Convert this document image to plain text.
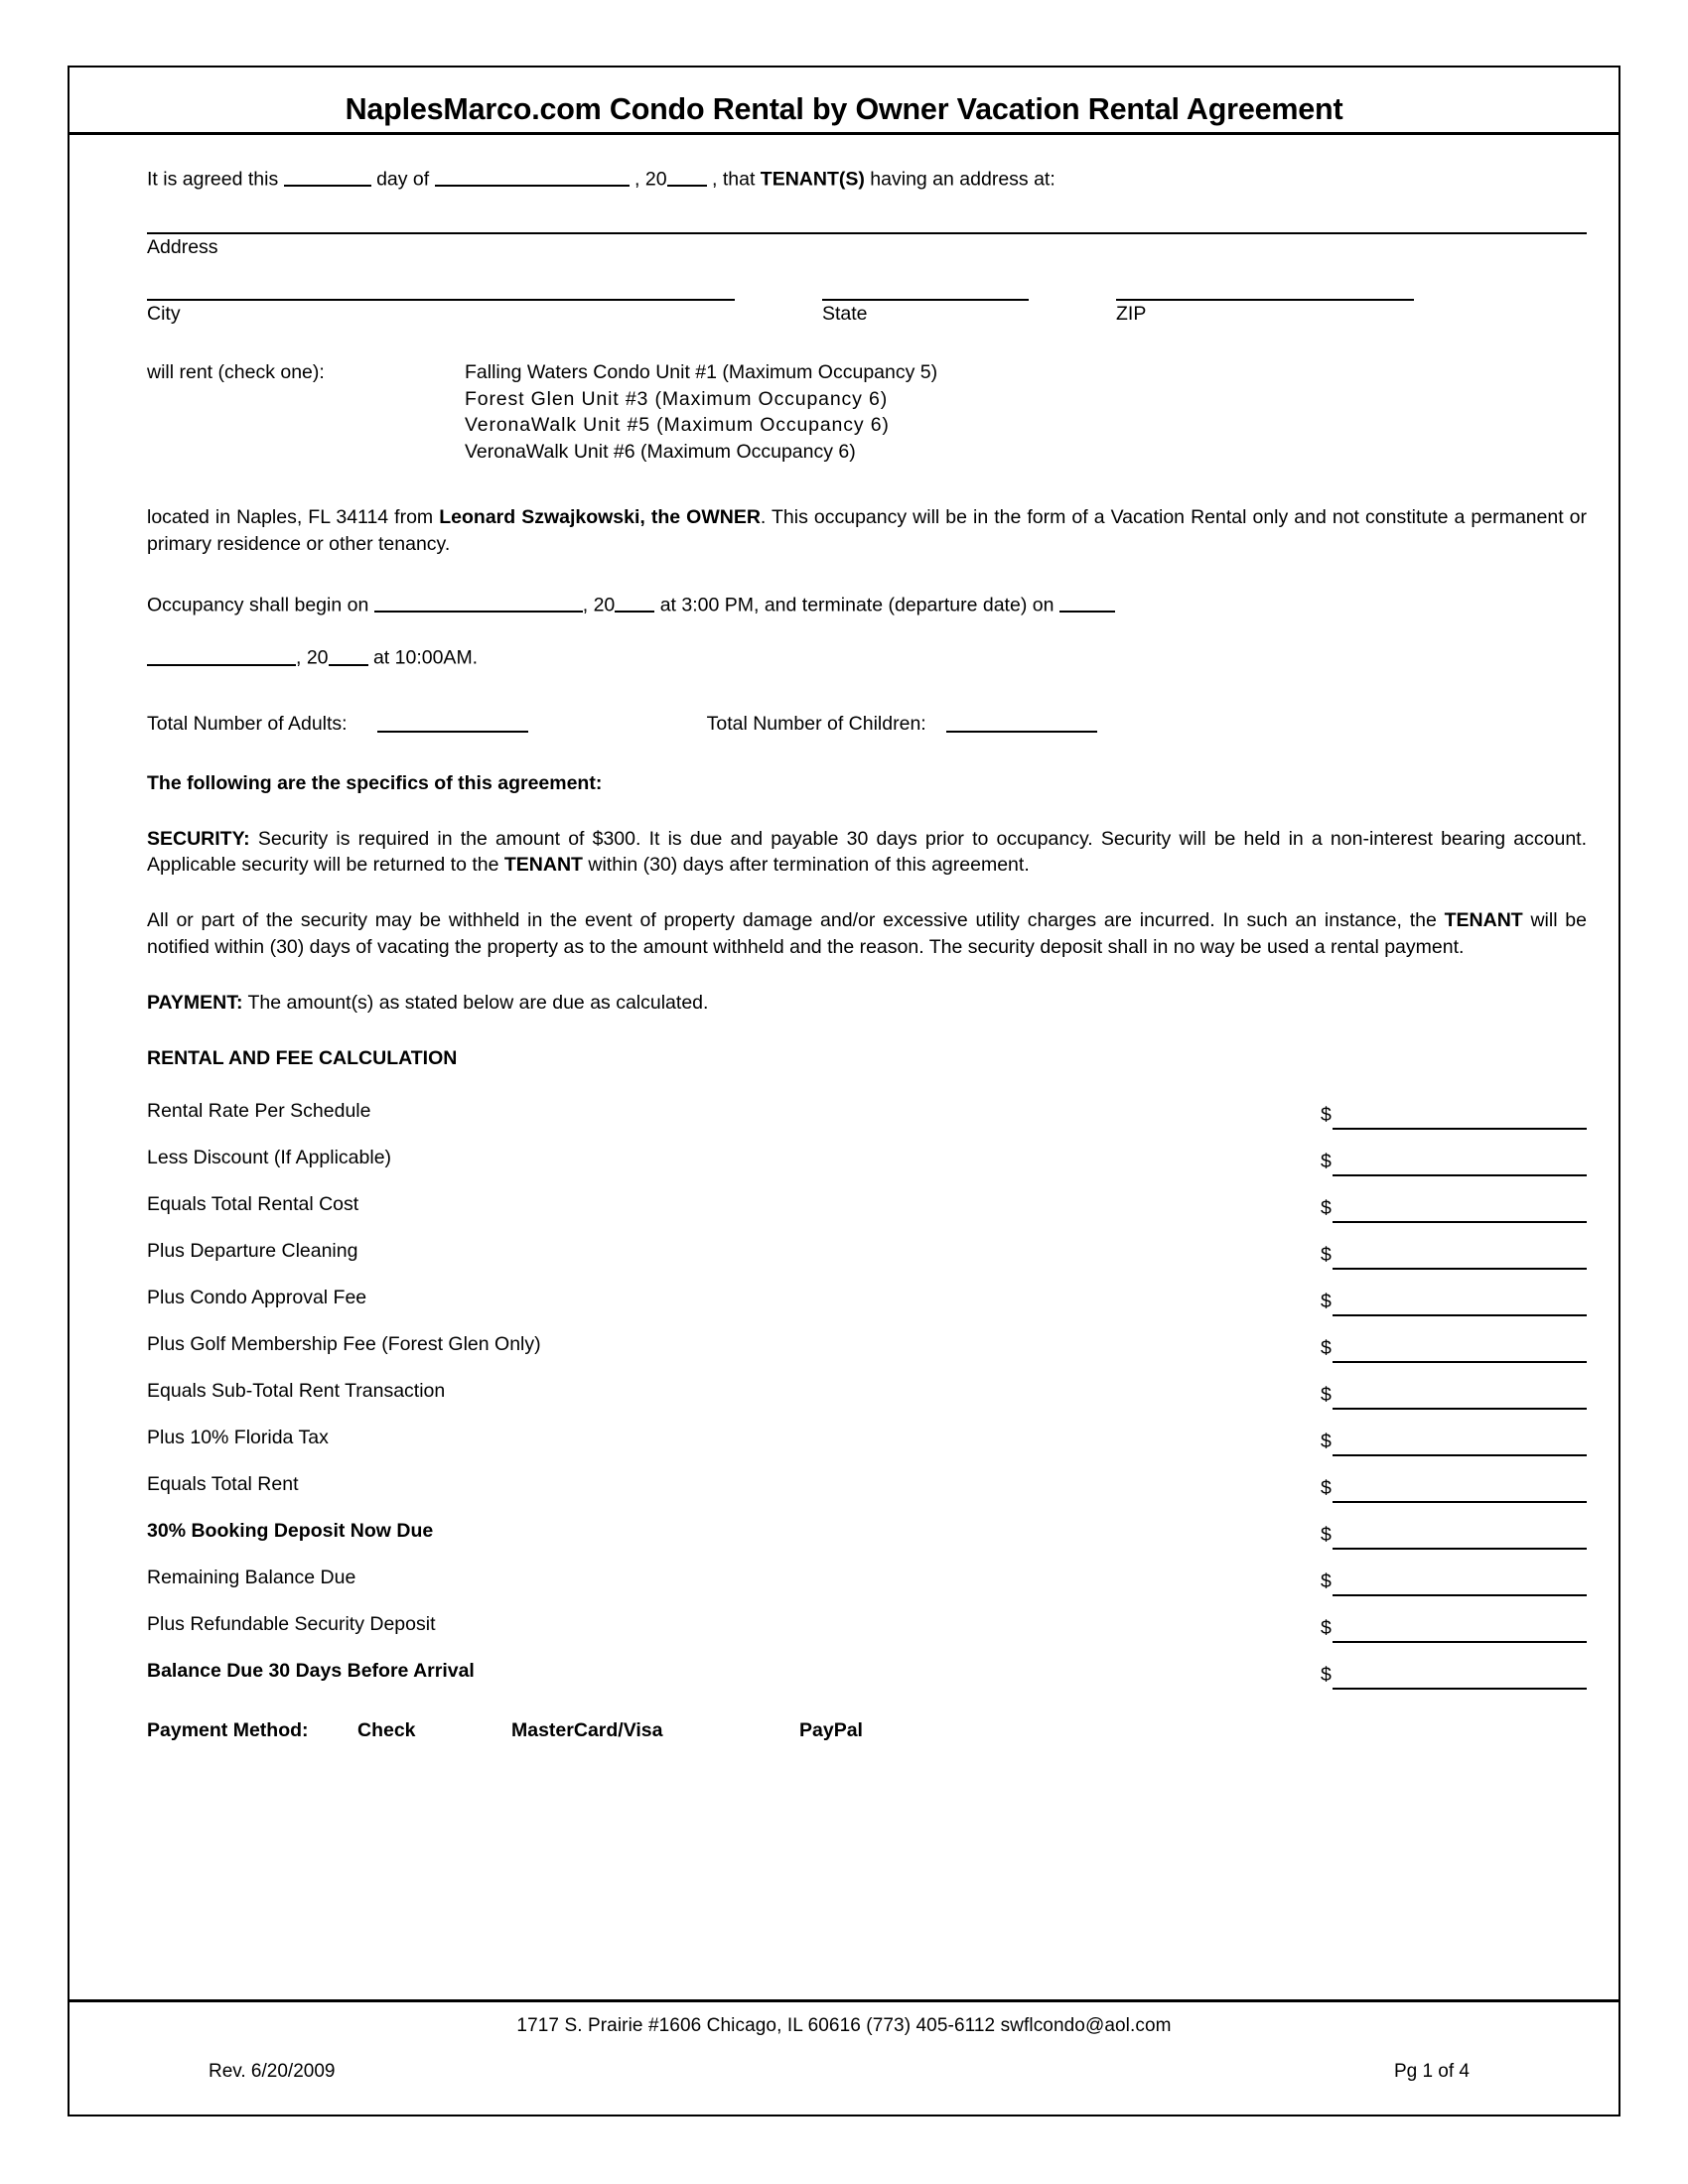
NaplesMarco.com Condo Rental by Owner Vacation Rental Agreement
It is agreed this	day of	, 20 , that TENANT(S) having an address at:
Address
City	State	ZIP
will rent (check one):	Falling Waters Condo Unit #1 (Maximum Occupancy 5)
Forest Glen Unit #3 (Maximum Occupancy 6)
VeronaWalk Unit #5 (Maximum Occupancy 6)
VeronaWalk Unit #6 (Maximum Occupancy 6)

located in Naples, FL 34114 from Leonard Szwajkowski, the OWNER. This occupancy will be in the form of a Vacation Rental only and not constitute a permanent or primary residence or other tenancy.

Occupancy shall begin on	, 20 at 3:00 PM, and terminate (departure date) on
, 20 at 10:00AM.
Total Number of Adults:	Total Number of Children:
The following are the specifics of this agreement:

SECURITY: Security is required in the amount of $300. It is due and payable 30 days prior to occupancy. Security will be held in a non-interest bearing account. Applicable security will be returned to the TENANT within (30) days after termination of this agreement.

All or part of the security may be withheld in the event of property damage and/or excessive utility charges are incurred. In such an instance, the TENANT will be notified within (30) days of vacating the property as to the amount withheld and the reason. The security deposit shall in no way be used a rental payment.

PAYMENT: The amount(s) as stated below are due as calculated.

RENTAL AND FEE CALCULATION
Rental Rate Per Schedule	$
Less Discount (If Applicable)	$
Equals Total Rental Cost	$
Plus Departure Cleaning	$
Plus Condo Approval Fee	$
Plus Golf Membership Fee (Forest Glen Only)	$
Equals Sub-Total Rent Transaction	$
Plus 10% Florida Tax	$
Equals Total Rent	$
30% Booking Deposit Now Due	$
Remaining Balance Due	$
Plus Refundable Security Deposit	$
Balance Due 30 Days Before Arrival	$
Payment Method:	Check	MasterCard/Visa	PayPal
1717 S. Prairie #1606 Chicago, IL 60616 (773) 405-6112 swflcondo@aol.com
Rev. 6/20/2009	Pg 1 of 4
